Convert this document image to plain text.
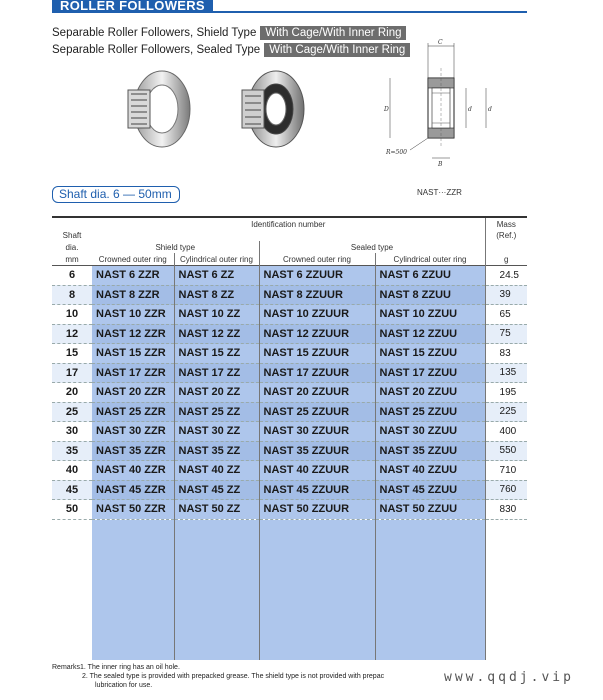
ROLLER FOLLOWERS
Separable Roller Followers, Shield Type With Cage/With Inner Ring
Separable Roller Followers, Sealed Type With Cage/With Inner Ring
C
D	d	d
R=500
B
Shaft dia. 6 — 50mm	NAST···ZZR
	Identification number				Mass
Shaft					(Ref.)
dia.	Shield type		Sealed type		
mm	Crowned outer ring	Cylindrical outer ring	Crowned outer ring	Cylindrical outer ring	g
6	NAST 6 ZZR	NAST 6 ZZ	NAST 6 ZZUUR	NAST 6 ZZUU	24.5
8	NAST 8 ZZR	NAST 8 ZZ	NAST 8 ZZUUR	NAST 8 ZZUU	39
10	NAST 10 ZZR	NAST 10 ZZ	NAST 10 ZZUUR	NAST 10 ZZUU	65
12	NAST 12 ZZR	NAST 12 ZZ	NAST 12 ZZUUR	NAST 12 ZZUU	75
15	NAST 15 ZZR	NAST 15 ZZ	NAST 15 ZZUUR	NAST 15 ZZUU	83
17	NAST 17 ZZR	NAST 17 ZZ	NAST 17 ZZUUR	NAST 17 ZZUU	135
20	NAST 20 ZZR	NAST 20 ZZ	NAST 20 ZZUUR	NAST 20 ZZUU	195
25	NAST 25 ZZR	NAST 25 ZZ	NAST 25 ZZUUR	NAST 25 ZZUU	225
30	NAST 30 ZZR	NAST 30 ZZ	NAST 30 ZZUUR	NAST 30 ZZUU	400
35	NAST 35 ZZR	NAST 35 ZZ	NAST 35 ZZUUR	NAST 35 ZZUU	550
40	NAST 40 ZZR	NAST 40 ZZ	NAST 40 ZZUUR	NAST 40 ZZUU	710
45	NAST 45 ZZR	NAST 45 ZZ	NAST 45 ZZUUR	NAST 45 ZZUU	760
50	NAST 50 ZZR	NAST 50 ZZ	NAST 50 ZZUUR	NAST 50 ZZUU	830
Remarks1. The inner ring has an oil hole.
2. The sealed type is provided with prepacked grease. The shield type is not provided with prepac
lubrication for use.
www.qqdj.vip
